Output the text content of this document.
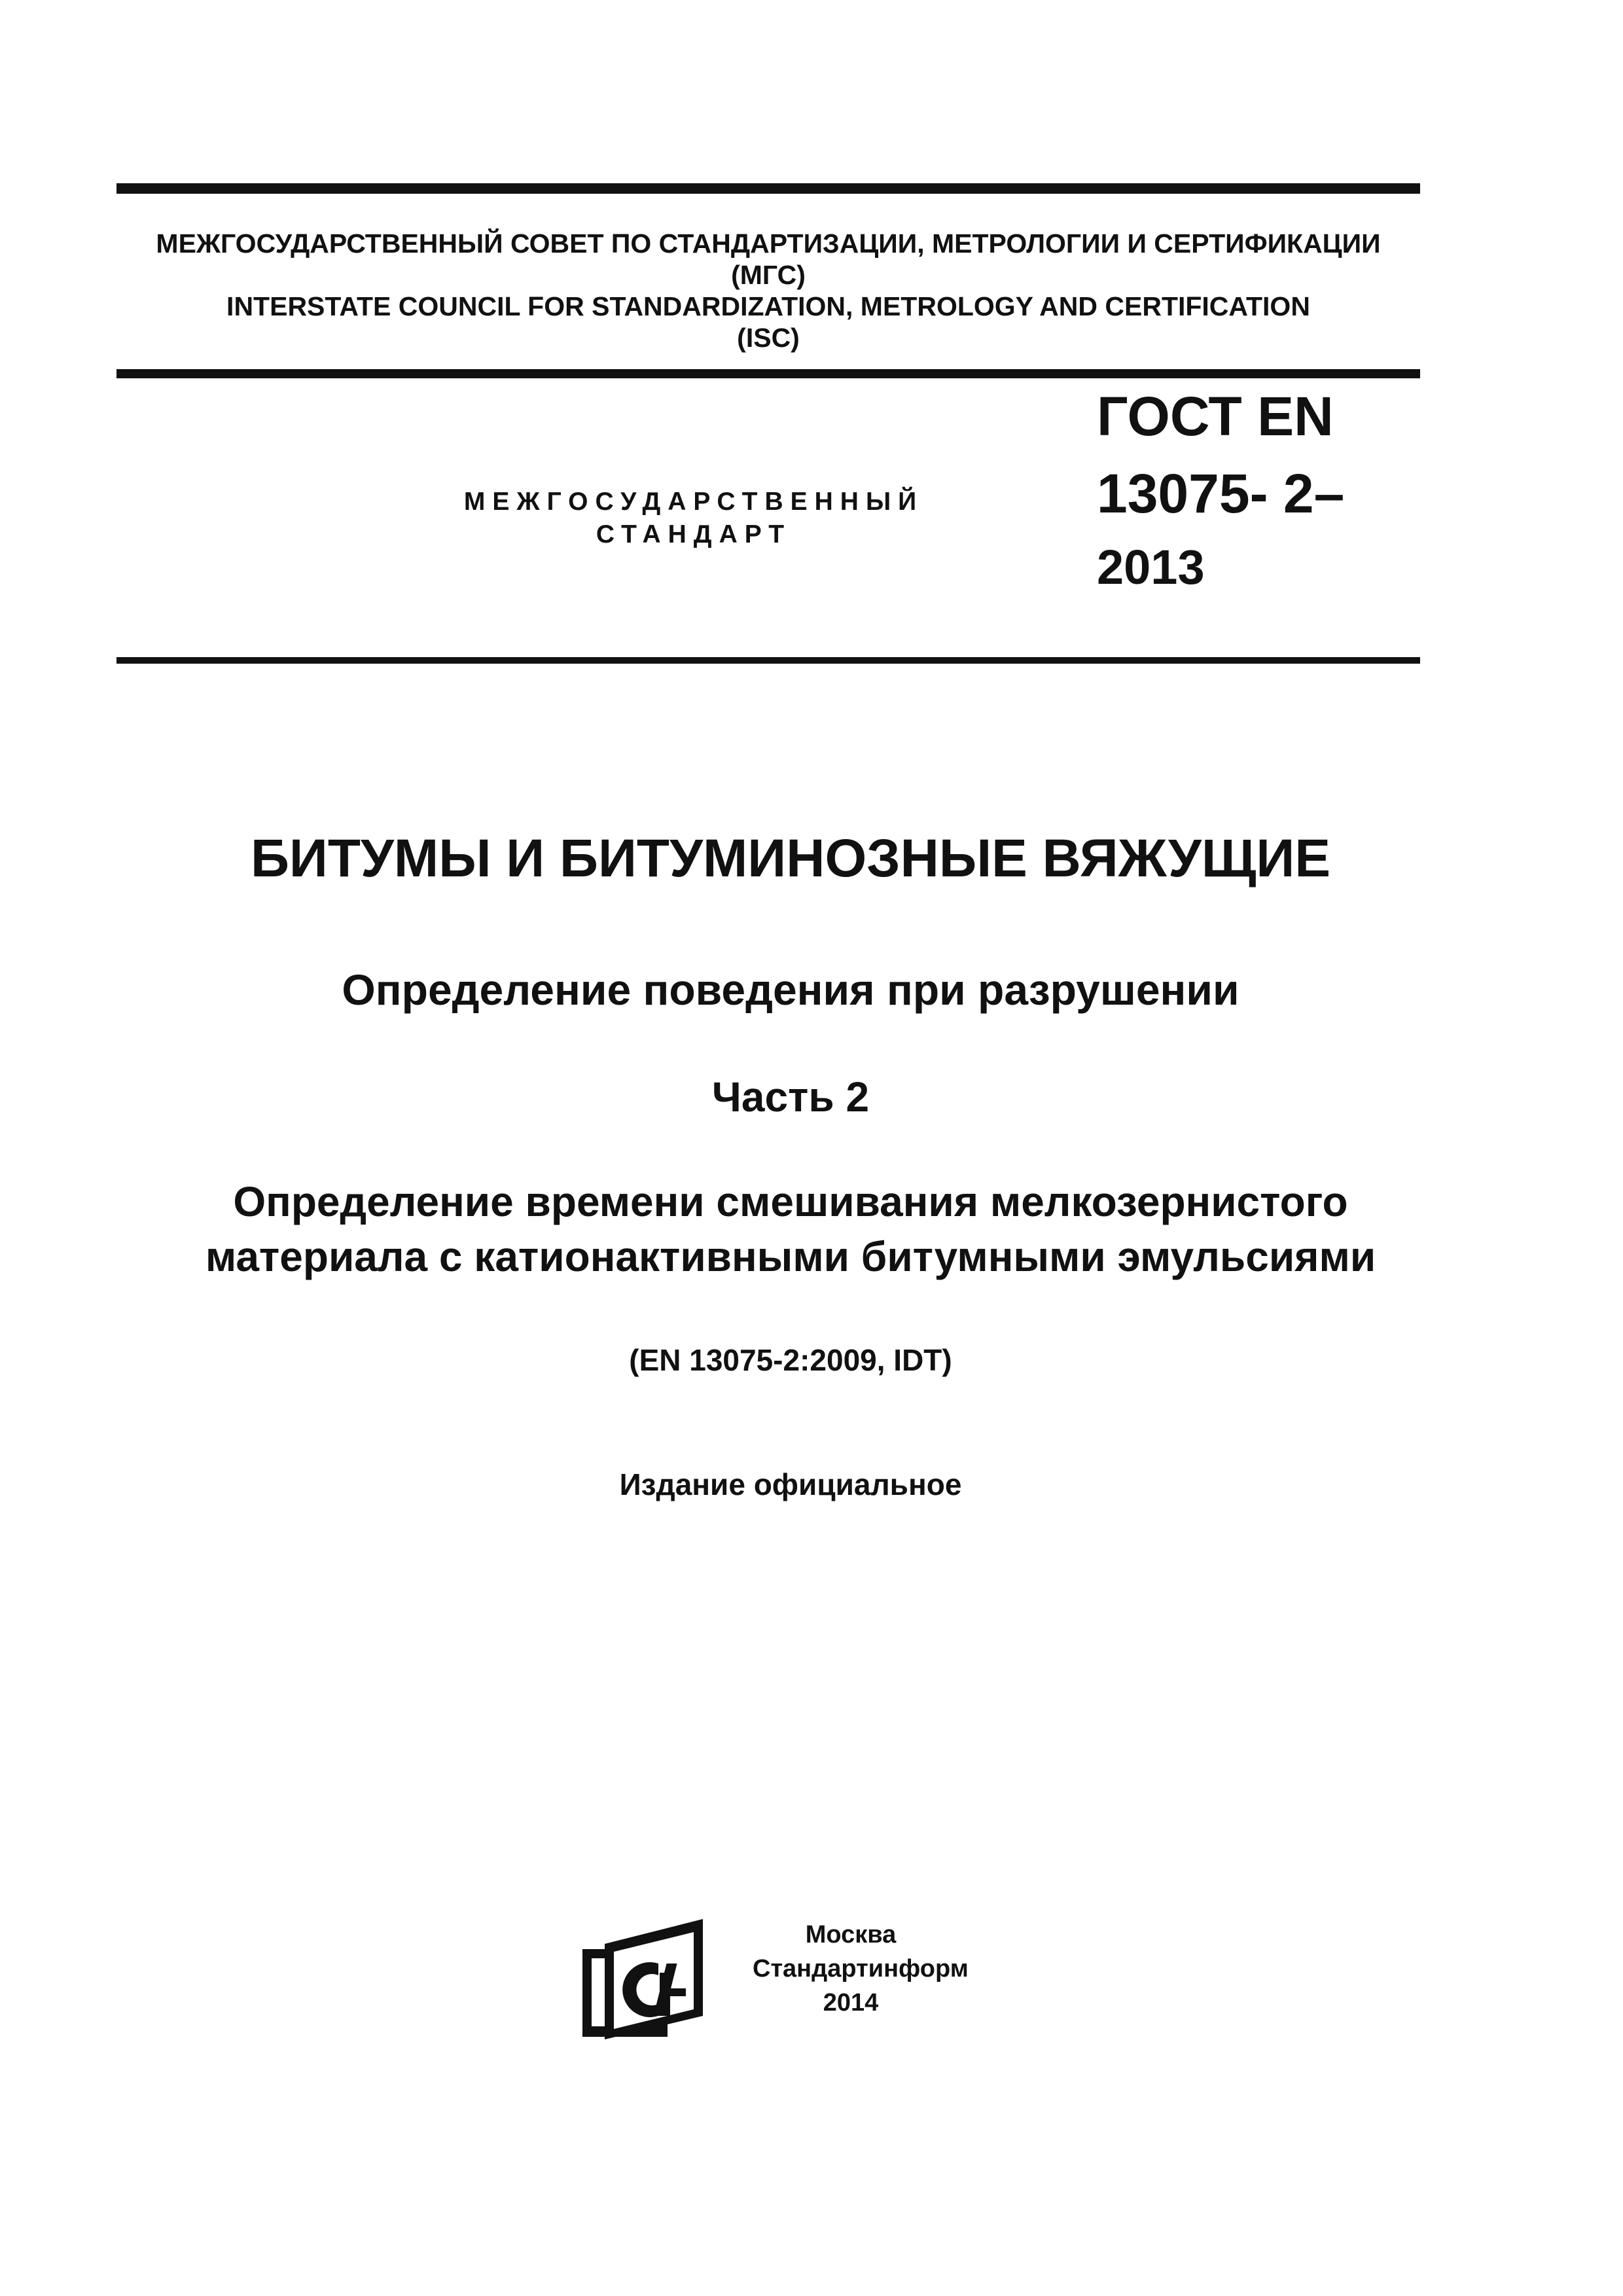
МЕЖГОСУДАРСТВЕННЫЙ СОВЕТ ПО СТАНДАРТИЗАЦИИ, МЕТРОЛОГИИ И СЕРТИФИКАЦИИ
(МГС)
INTERSTATE COUNCIL FOR STANDARDIZATION, METROLOGY AND CERTIFICATION
(ISC)
МЕЖГОСУДАРСТВЕННЫЙ
СТАНДАРТ
ГОСТ EN
13075- 2–
2013
БИТУМЫ И БИТУМИНОЗНЫЕ ВЯЖУЩИЕ
Определение поведения при разрушении
Часть 2
Определение времени смешивания мелкозернистого
материала с катионактивными битумными эмульсиями
(EN 13075-2:2009, IDT)
Издание официальное
Москва
Стандартинформ
2014
